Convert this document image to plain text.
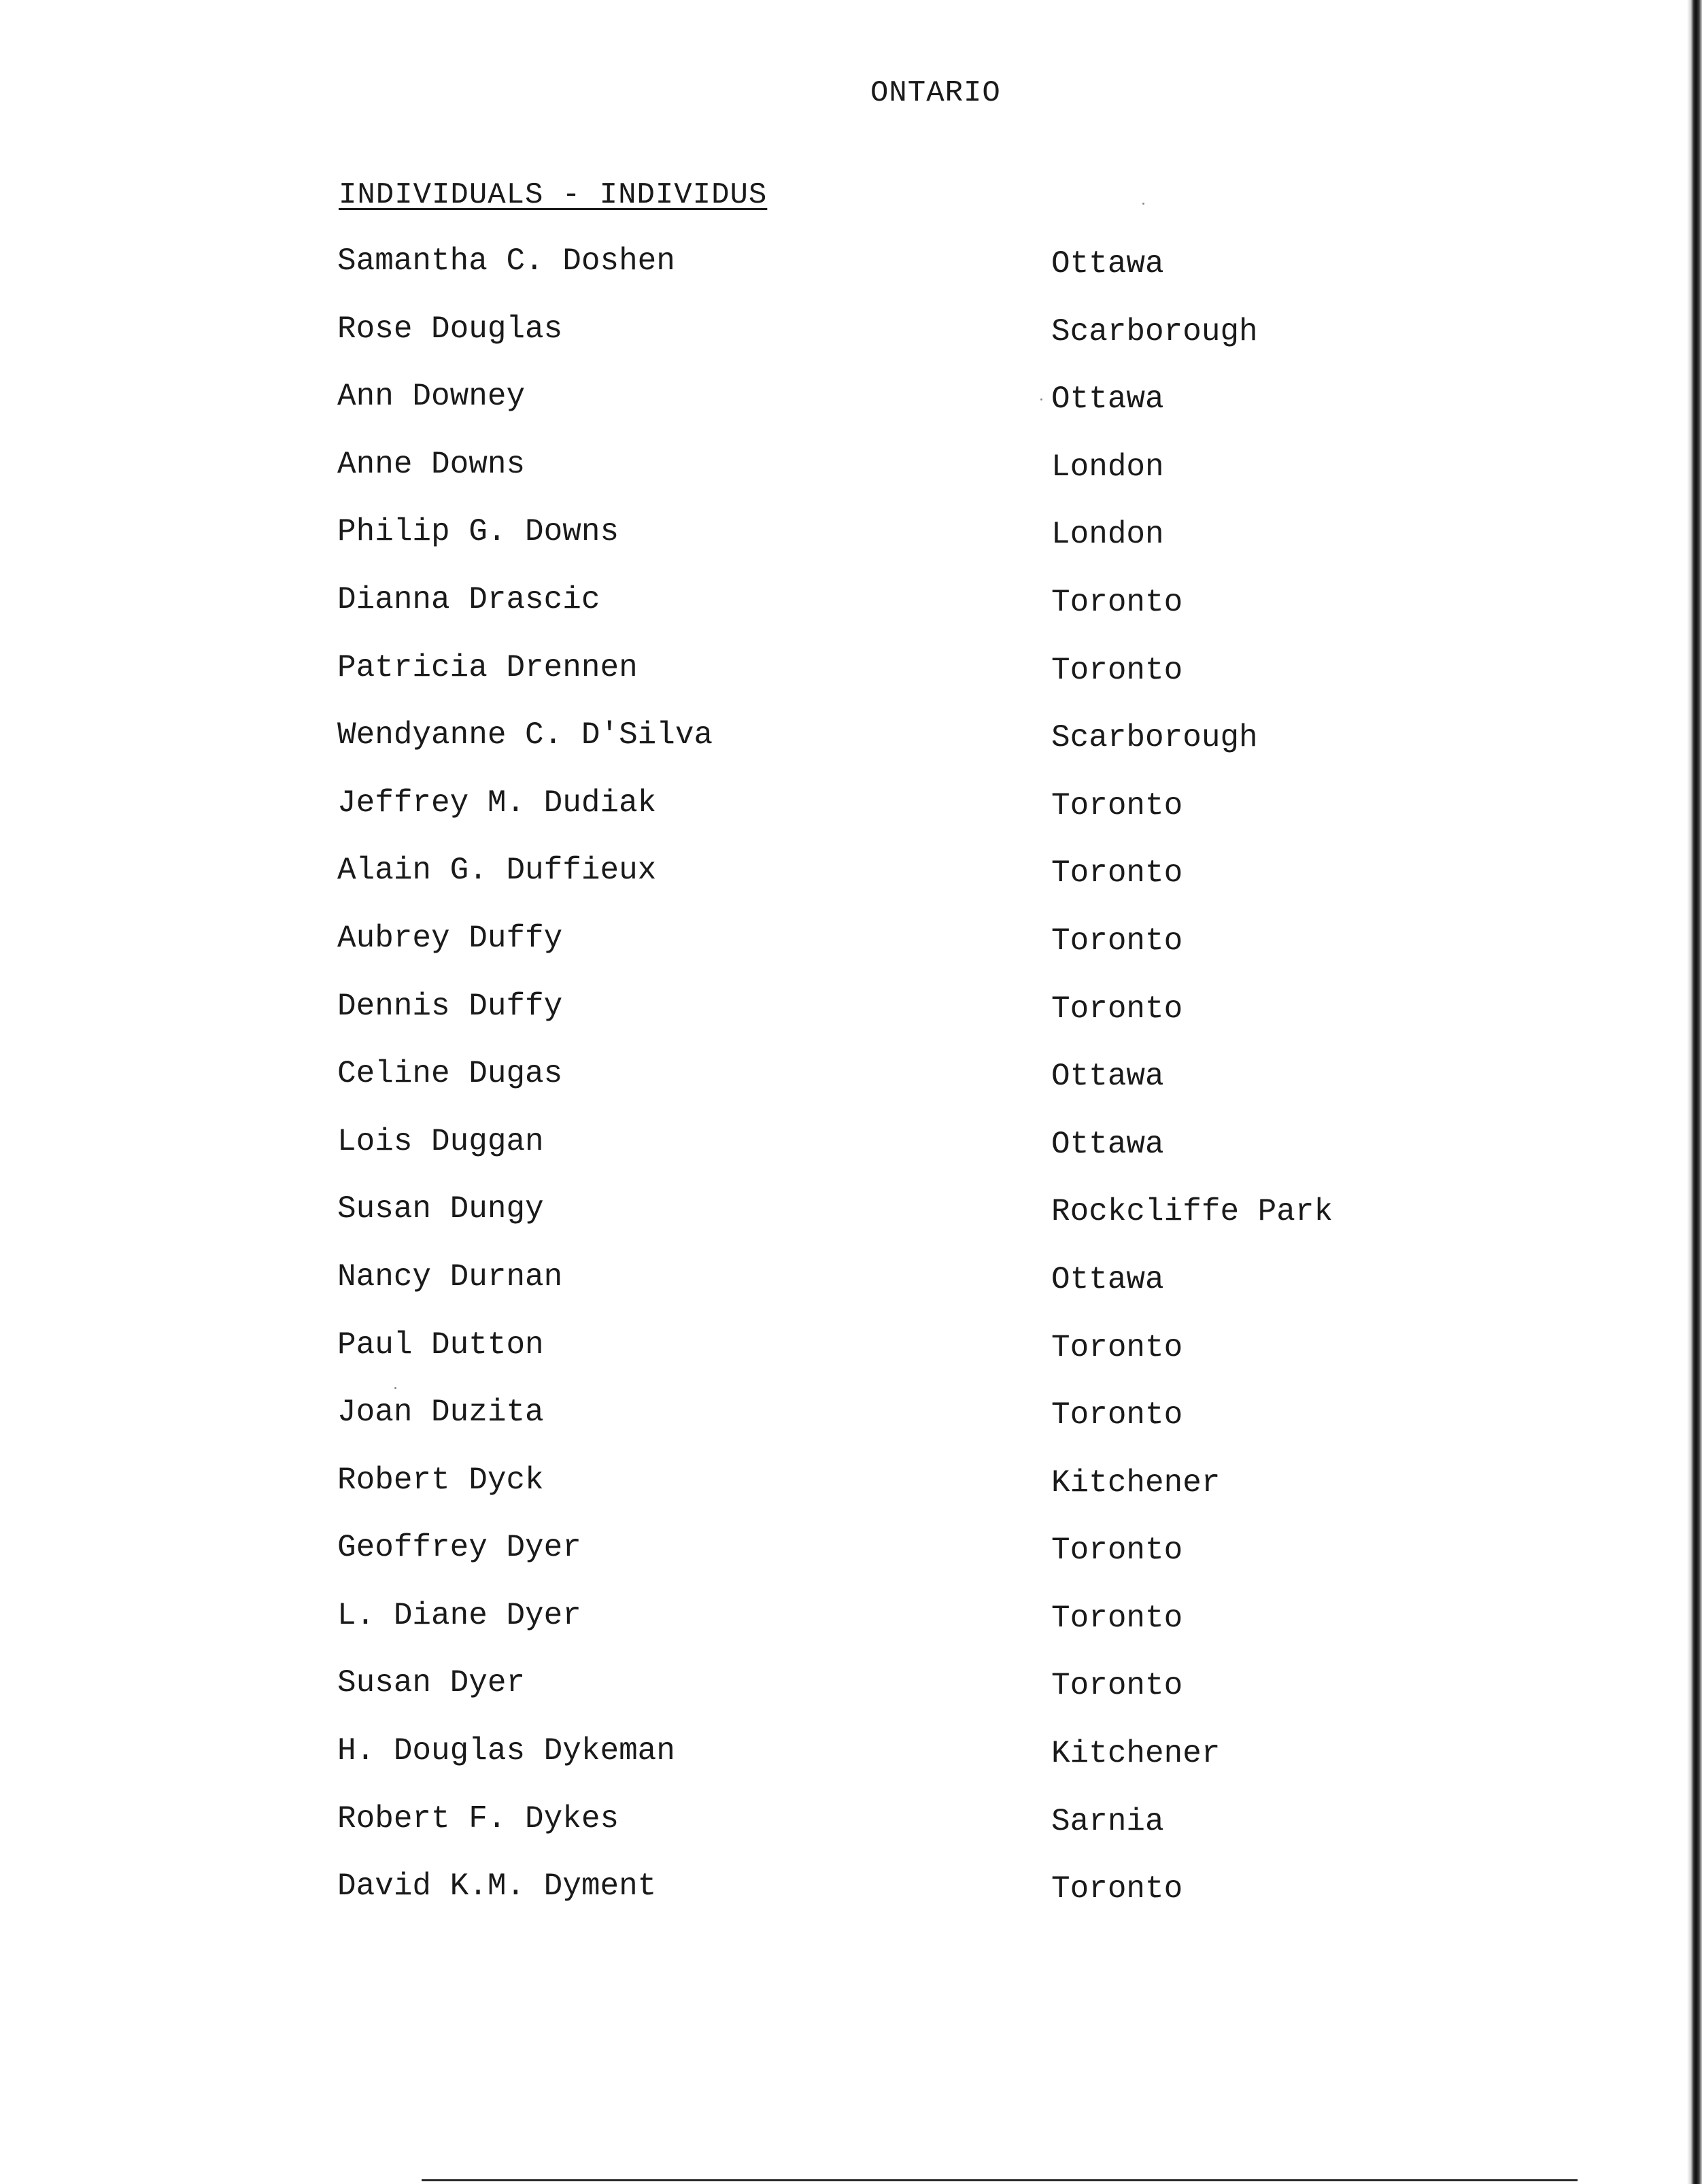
ONTARIO
INDIVIDUALS - INDIVIDUS
Samantha C. Doshen	Ottawa
Rose Douglas	Scarborough
Ann Downey	Ottawa
Anne Downs	London
Philip G. Downs	London
Dianna Drascic	Toronto
Patricia Drennen	Toronto
Wendyanne C. D'Silva	Scarborough
Jeffrey M. Dudiak	Toronto
Alain G. Duffieux	Toronto
Aubrey Duffy	Toronto
Dennis Duffy	Toronto
Celine Dugas	Ottawa
Lois Duggan	Ottawa
Susan Dungy	Rockcliffe Park
Nancy Durnan	Ottawa
Paul Dutton	Toronto
Joan Duzita	Toronto
Robert Dyck	Kitchener
Geoffrey Dyer	Toronto
L. Diane Dyer	Toronto
Susan Dyer	Toronto
H. Douglas Dykeman	Kitchener
Robert F. Dykes	Sarnia
David K.M. Dyment	Toronto
